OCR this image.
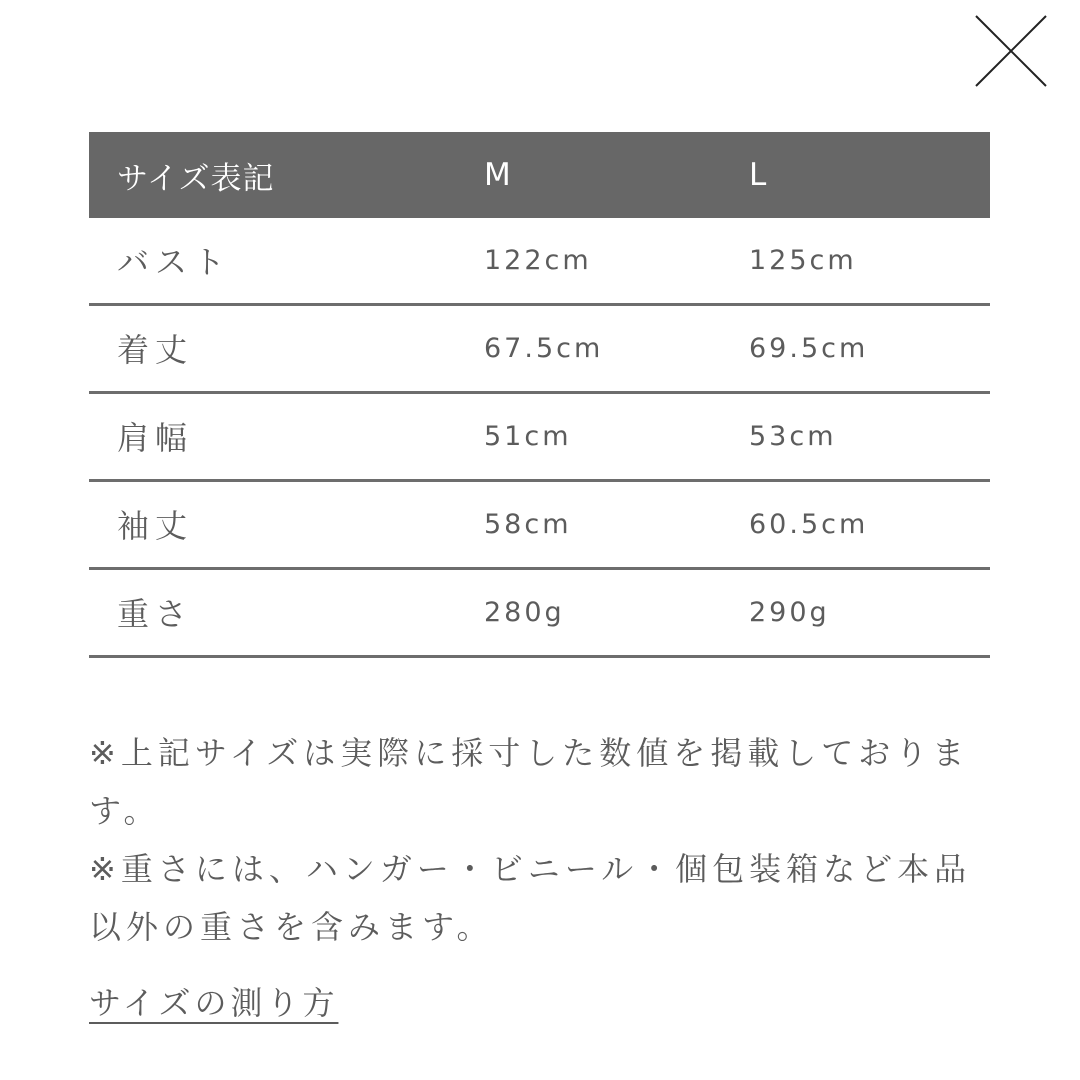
サイズ表記	M	L
バスト	122cm	125cm
着丈	67.5cm	69.5cm
肩幅	51cm	53cm
袖丈	58cm	60.5cm
重さ	280g	290g

※上記サイズは実際に採寸した数値を掲載しております。

※重さには、ハンガー・ビニール・個包装箱など本品以外の重さを含みます。

サイズの測り方
